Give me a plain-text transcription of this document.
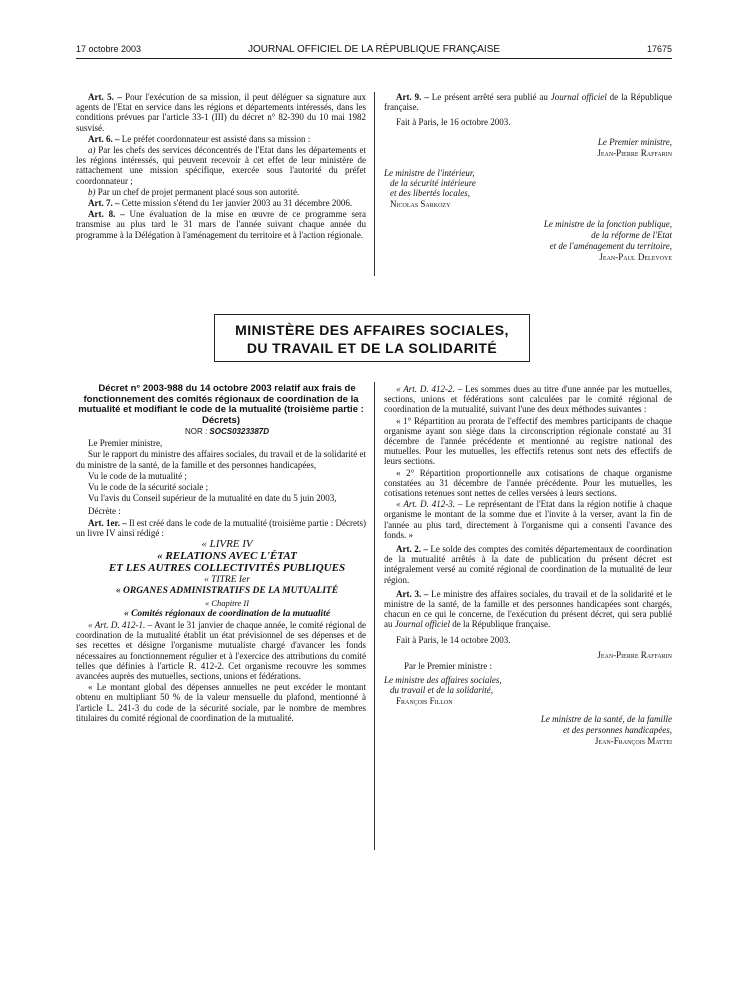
17 octobre 2003	JOURNAL OFFICIEL DE LA RÉPUBLIQUE FRANÇAISE	17675

Art. 5. – Pour l'exécution de sa mission, il peut déléguer sa signature aux agents de l'Etat en service dans les régions et départements intéressés, dans les conditions prévues par l'article 33-1 (III) du décret n° 82-390 du 10 mai 1982 susvisé.

Art. 6. – Le préfet coordonnateur est assisté dans sa mission :

a) Par les chefs des services déconcentrés de l'Etat dans les départements et les régions intéressés, qui peuvent recevoir à cet effet de leur ministère de rattachement une mission spécifique, exercée sous l'autorité du préfet coordonnateur ;

b) Par un chef de projet permanent placé sous son autorité.

Art. 7. – Cette mission s'étend du 1er janvier 2003 au 31 décembre 2006.

Art. 8. – Une évaluation de la mise en œuvre de ce programme sera transmise au plus tard le 31 mars de l'année suivant chaque année du programme à la Délégation à l'aménagement du territoire et à l'action régionale.

Art. 9. – Le présent arrêté sera publié au Journal officiel de la République française.

Fait à Paris, le 16 octobre 2003.

Le Premier ministre,

Jean-Pierre Raffarin

Le ministre de l'intérieur,

de la sécurité intérieure

et des libertés locales,

Nicolas Sarkozy

Le ministre de la fonction publique,

de la réforme de l'Etat

et de l'aménagement du territoire,

Jean-Paul Delevoye

MINISTÈRE DES AFFAIRES SOCIALES,
DU TRAVAIL ET DE LA SOLIDARITÉ

Décret n° 2003-988 du 14 octobre 2003 relatif aux frais de fonctionnement des comités régionaux de coordination de la mutualité et modifiant le code de la mutualité (troisième partie : Décrets)

NOR : SOCS0323387D

Le Premier ministre,

Sur le rapport du ministre des affaires sociales, du travail et de la solidarité et du ministre de la santé, de la famille et des personnes handicapées,

Vu le code de la mutualité ;

Vu le code de la sécurité sociale ;

Vu l'avis du Conseil supérieur de la mutualité en date du 5 juin 2003,

Décrète :

Art. 1er. – Il est créé dans le code de la mutualité (troisième partie : Décrets) un livre IV ainsi rédigé :

« LIVRE IV

« RELATIONS AVEC L'ÉTAT

ET LES AUTRES COLLECTIVITÉS PUBLIQUES

« TITRE Ier

« ORGANES ADMINISTRATIFS DE LA MUTUALITÉ

« Chapitre II

« Comités régionaux de coordination de la mutualité

« Art. D. 412-1. – Avant le 31 janvier de chaque année, le comité régional de coordination de la mutualité établit un état prévisionnel de ses dépenses et de ses recettes et désigne l'organisme mutualiste chargé d'avancer les fonds nécessaires au fonctionnement régulier et à l'exercice des attributions du comité telles que définies à l'article R. 412-2. Cet organisme recouvre les sommes avancées auprès des mutuelles, sections, unions et fédérations.

« Le montant global des dépenses annuelles ne peut excéder le montant obtenu en multipliant 50 % de la valeur mensuelle du plafond, mentionné à l'article L. 241-3 du code de la sécurité sociale, par le nombre de membres titulaires du comité régional de coordination de la mutualité.

« Art. D. 412-2. – Les sommes dues au titre d'une année par les mutuelles, sections, unions et fédérations sont calculées par le comité régional de coordination de la mutualité, suivant l'une des deux méthodes suivantes :

« 1° Répartition au prorata de l'effectif des membres participants de chaque organisme ayant son siège dans la circonscription régionale constaté au 31 décembre de l'année précédente et mentionné au registre national des mutuelles. Pour les mutuelles, les effectifs retenus sont nets des effectifs de leurs sections.

« 2° Répartition proportionnelle aux cotisations de chaque organisme constatées au 31 décembre de l'année précédente. Pour les mutuelles, les cotisations retenues sont nettes de celles versées à leurs sections.

« Art. D. 412-3. – Le représentant de l'Etat dans la région notifie à chaque organisme le montant de la somme due et l'invite à la verser, avant la fin de l'année au plus tard, directement à l'organisme qui a consenti l'avance des fonds. »

Art. 2. – Le solde des comptes des comités départementaux de coordination de la mutualité arrêtés à la date de publication du présent décret est intégralement versé au comité régional de coordination de la mutualité de leur région.

Art. 3. – Le ministre des affaires sociales, du travail et de la solidarité et le ministre de la santé, de la famille et des personnes handicapées sont chargés, chacun en ce qui le concerne, de l'exécution du présent décret, qui sera publié au Journal officiel de la République française.

Fait à Paris, le 14 octobre 2003.

Jean-Pierre Raffarin

Par le Premier ministre :

Le ministre des affaires sociales,

du travail et de la solidarité,

François Fillon

Le ministre de la santé, de la famille

et des personnes handicapées,

Jean-François Mattei
